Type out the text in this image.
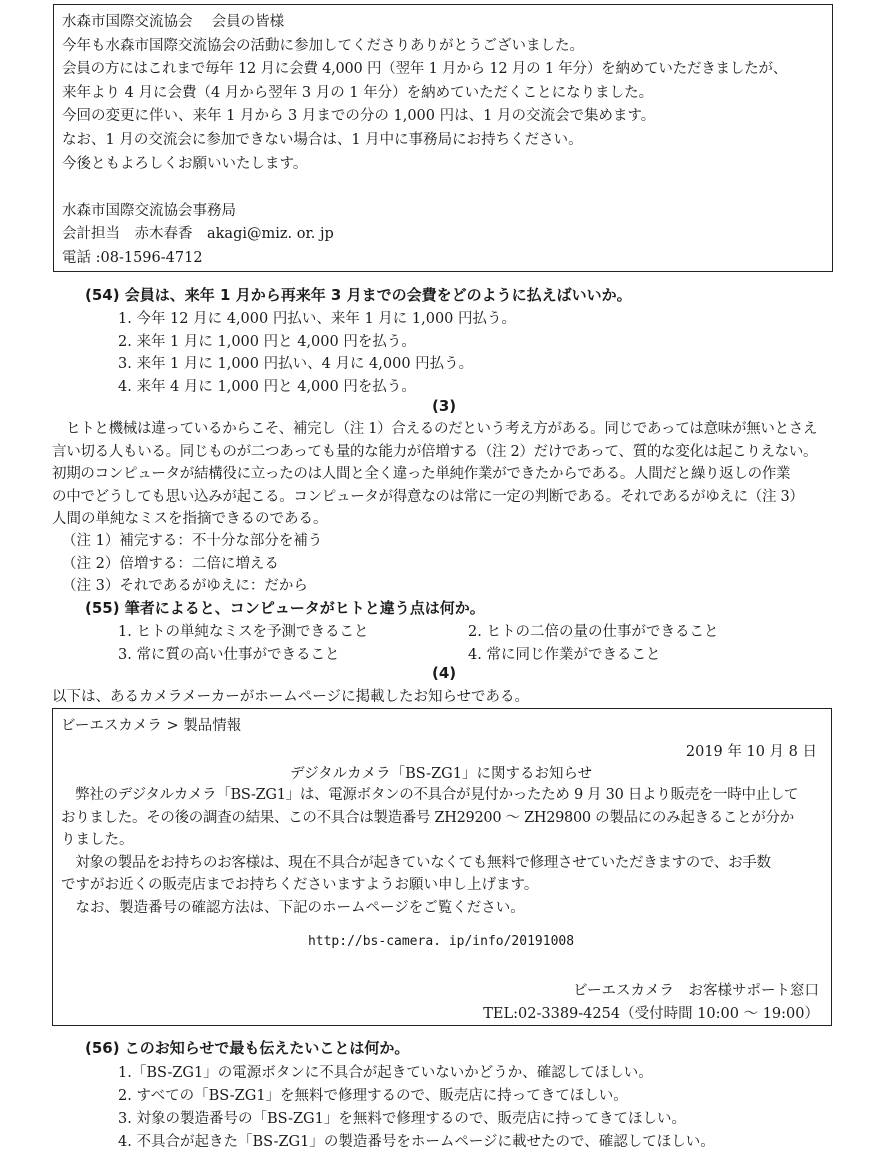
水森市国際交流協会　 会員の皆様
今年も水森市国際交流協会の活動に参加してくださりありがとうございました。
会員の方にはこれまで毎年 12 月に会費 4,000 円（翌年 1 月から 12 月の 1 年分）を納めていただきましたが、
来年より 4 月に会費（4 月から翌年 3 月の 1 年分）を納めていただくことになりました。
今回の変更に伴い、来年 1 月から 3 月までの分の 1,000 円は、1 月の交流会で集めます。
なお、1 月の交流会に参加できない場合は、1 月中に事務局にお持ちください。
今後ともよろしくお願いいたします。
水森市国際交流協会事務局
会計担当　赤木春香　akagi@miz. or. jp
電話 :08-1596-4712
(54) 会員は、来年 1 月から再来年 3 月までの会費をどのように払えばいいか。
1. 今年 12 月に 4,000 円払い、来年 1 月に 1,000 円払う。
2. 来年 1 月に 1,000 円と 4,000 円を払う。
3. 来年 1 月に 1,000 円払い、4 月に 4,000 円払う。
4. 来年 4 月に 1,000 円と 4,000 円を払う。
(3)
ヒトと機械は違っているからこそ、補完し（注 1）合えるのだという考え方がある。同じであっては意味が無いとさえ
言い切る人もいる。同じものが二つあっても量的な能力が倍増する（注 2）だけであって、質的な変化は起こりえない。
初期のコンピュータが結構役に立ったのは人間と全く違った単純作業ができたからである。人間だと繰り返しの作業
の中でどうしても思い込みが起こる。コンピュータが得意なのは常に一定の判断である。それであるがゆえに（注 3）
人間の単純なミスを指摘できるのである。
（注 1）補完する：不十分な部分を補う
（注 2）倍増する：二倍に増える
（注 3）それであるがゆえに：だから
(55) 筆者によると、コンピュータがヒトと違う点は何か。
1. ヒトの単純なミスを予測できること	2. ヒトの二倍の量の仕事ができること
3. 常に質の高い仕事ができること	4. 常に同じ作業ができること
(4)
以下は、あるカメラメーカーがホームページに掲載したお知らせである。
ビーエスカメラ > 製品情報
2019 年 10 月 8 日
デジタルカメラ「BS-ZG1」に関するお知らせ
　弊社のデジタルカメラ「BS-ZG1」は、電源ボタンの不具合が見付かったため 9 月 30 日より販売を一時中止して
おりました。その後の調査の結果、この不具合は製造番号 ZH29200 ～ ZH29800 の製品にのみ起きることが分か
りました。
　対象の製品をお持ちのお客様は、現在不具合が起きていなくても無料で修理させていただきますので、お手数
ですがお近くの販売店までお持ちくださいますようお願い申し上げます。
　なお、製造番号の確認方法は、下記のホームページをご覧ください。
http://bs-camera. ip/info/20191008
ビーエスカメラ　お客様サポート窓口
TEL:02-3389-4254（受付時間 10:00 ～ 19:00）
(56) このお知らせで最も伝えたいことは何か。
1.「BS-ZG1」の電源ボタンに不具合が起きていないかどうか、確認してほしい。
2. すべての「BS-ZG1」を無料で修理するので、販売店に持ってきてほしい。
3. 対象の製造番号の「BS-ZG1」を無料で修理するので、販売店に持ってきてほしい。
4. 不具合が起きた「BS-ZG1」の製造番号をホームページに載せたので、確認してほしい。
